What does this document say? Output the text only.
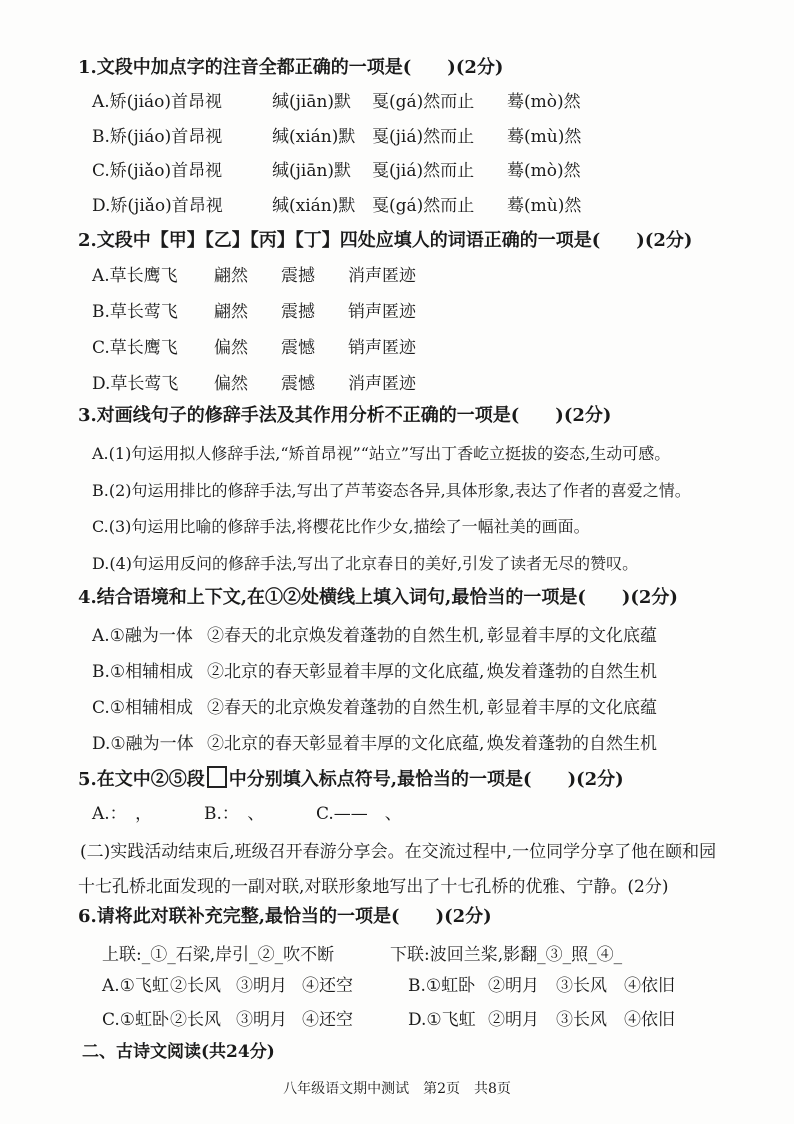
1.文段中加点字的注音全都正确的一项是(　　)(2分)
A.矫(jiáo)首昂视	缄(jiān)默 戛(gá)然而止 蓦(mò)然
B.矫(jiáo)首昂视	缄(xián)默 戛(jiá)然而止 蓦(mù)然
C.矫(jiǎo)首昂视	缄(jiān)默 戛(jiá)然而止 蓦(mò)然
D.矫(jiǎo)首昂视	缄(xián)默 戛(gá)然而止 蓦(mù)然
2.文段中【甲】【乙】【丙】【丁】四处应填人的词语正确的一项是(　　)(2分)
A.草长鹰飞 翩然 震撼 消声匿迹
B.草长莺飞 翩然 震撼 销声匿迹
C.草长鹰飞 偏然 震憾 销声匿迹
D.草长莺飞 偏然 震憾 消声匿迹
3.对画线句子的修辞手法及其作用分析不正确的一项是(　　)(2分)
A.(1)句运用拟人修辞手法,“矫首昂视”“站立”写出丁香屹立挺拔的姿态,生动可感。
B.(2)句运用排比的修辞手法,写出了芦苇姿态各异,具体形象,表达了作者的喜爱之情。
C.(3)句运用比喻的修辞手法,将樱花比作少女,描绘了一幅社美的画面。
D.(4)句运用反问的修辞手法,写出了北京春日的美好,引发了读者无尽的赞叹。
4.结合语境和上下文,在①②处横线上填入词句,最恰当的一项是(　　)(2分)
A.①融为一体 ②春天的北京焕发着蓬勃的自然生机, 彰显着丰厚的文化底蕴
B.①相辅相成 ②北京的春天彰显着丰厚的文化底蕴, 焕发着蓬勃的自然生机
C.①相辅相成 ②春天的北京焕发着蓬勃的自然生机, 彰显着丰厚的文化底蕴
D.①融为一体 ②北京的春天彰显着丰厚的文化底蕴, 焕发着蓬勃的自然生机
5.在文中②⑤段 中分别填入标点符号,最恰当的一项是(　　)(2分)
A.：　，	B.：　、	C.——　、
(二)实践活动结束后,班级召开春游分享会。在交流过程中,一位同学分享了他在颐和园
十七孔桥北面发现的一副对联,对联形象地写出了十七孔桥的优雅、宁静。(2分)
6.请将此对联补充完整,最恰当的一项是(　　)(2分)
上联:_①_石梁,岸引_②_吹不断	下联:波回兰桨,影翻_③_照_④_
A.①飞虹②长风 ③明月 ④还空	B.①虹卧 ②明月 ③长风 ④依旧
C.①虹卧②长风 ③明月 ④还空	D.①飞虹 ②明月 ③长风 ④依旧
二、古诗文阅读(共24分)
八年级语文期中测试　第2页　共8页
